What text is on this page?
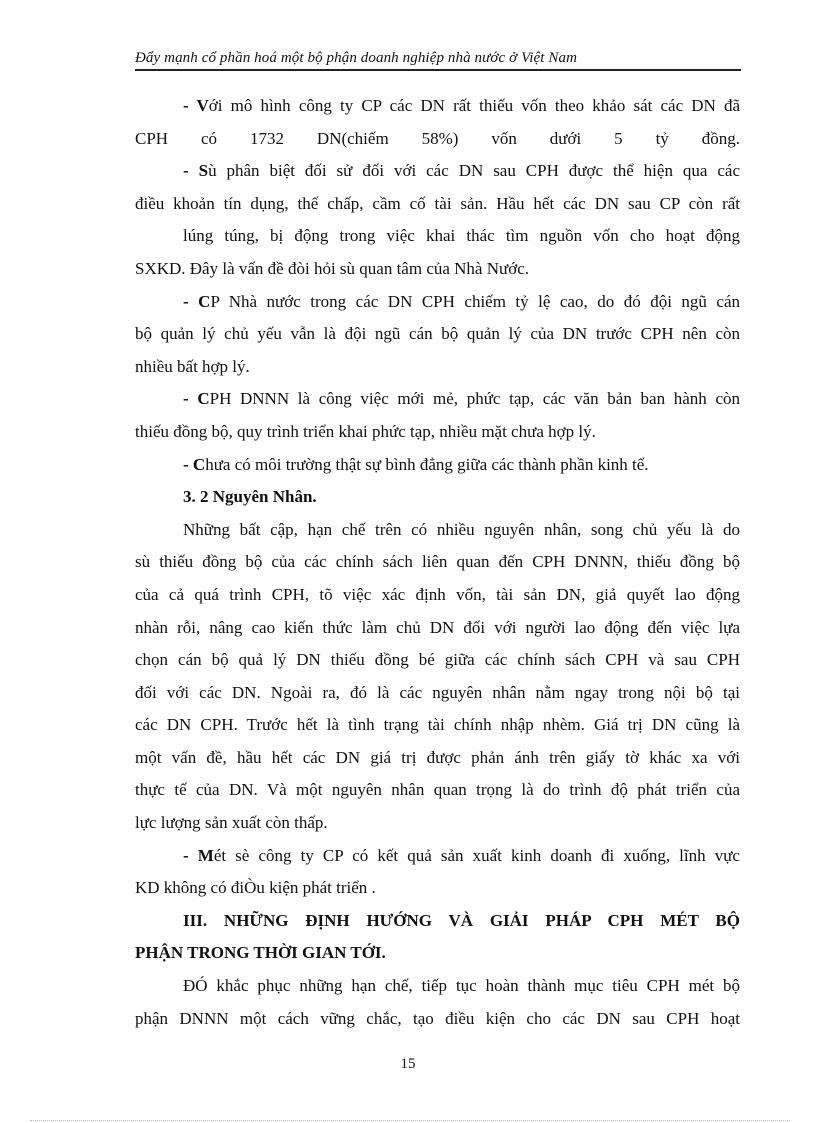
Đẩy mạnh cổ phần hoá một bộ phận doanh nghiệp nhà nước ở Việt Nam
- Với mô hình công ty CP các DN rất thiếu vốn theo khảo sát các DN đã
CPH có 1732 DN(chiếm 58%) vốn dưới 5 tỷ đồng.
- Sù phân biệt đối sử đối với các DN sau CPH được thể hiện qua các
điều khoản tín dụng, thế chấp, cầm cố tài sản. Hầu hết các DN sau CP còn rất
lúng túng, bị động trong việc khai thác tìm nguồn vốn cho hoạt động
SXKD. Đây là vấn đề đòi hỏi sù quan tâm của Nhà Nước.
- CP Nhà nước trong các DN CPH chiếm tỷ lệ cao, do đó đội ngũ cán
bộ quản lý chủ yếu vẫn là đội ngũ cán bộ quản lý của DN trước CPH nên còn
nhiều bất hợp lý.
- CPH DNNN là công việc mới mẻ, phức tạp, các văn bản ban hành còn
thiếu đồng bộ, quy trình triển khai phức tạp, nhiều mặt chưa hợp lý.
- Chưa có môi trường thật sự bình đẳng giữa các thành phần kinh tế.
3. 2 Nguyên Nhân.
Những bất cập, hạn chế trên có nhiều nguyên nhân, song chủ yếu là do
sù thiếu đồng bộ của các chính sách liên quan đến CPH DNNN, thiếu đồng bộ
của cả quá trình CPH, tõ việc xác định vốn, tài sản DN, giả quyết lao động
nhàn rỗi, nâng cao kiến thức làm chủ DN đối với người lao động đến việc lựa
chọn cán bộ quả lý DN thiếu đồng bé giữa các chính sách CPH và sau CPH
đối với các DN. Ngoài ra, đó là các nguyên nhân nằm ngay trong nội bộ tại
các DN CPH. Trước hết là tình trạng tài chính nhập nhèm. Giá trị DN cũng là
một vấn đề, hầu hết các DN giá trị được phản ánh trên giấy tờ khác xa với
thực tế của DN. Và một nguyên nhân quan trọng là do trình độ phát triển của
lực lượng sản xuất còn thấp.
- Mét sè công ty CP có kết quả sản xuất kinh doanh đi xuống, lĩnh vực
KD không có điÒu kiện phát triển .
III. NHỮNG ĐỊNH HƯỚNG VÀ GIẢI PHÁP CPH MÉT BỘ
PHẬN TRONG THỜI GIAN TỚI.
ĐÓ khắc phục những hạn chế, tiếp tục hoàn thành mục tiêu CPH mét bộ
phận DNNN một cách vững chắc, tạo điều kiện cho các DN sau CPH hoạt
15
